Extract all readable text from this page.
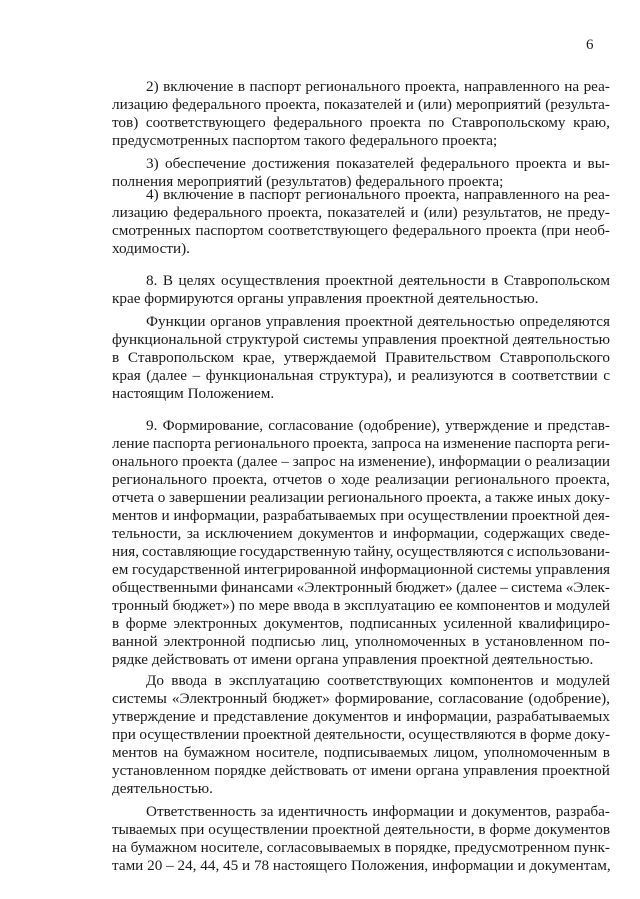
6
2) включение в паспорт регионального проекта, направленного на реа-
лизацию федерального проекта, показателей и (или) мероприятий (результа-
тов) соответствующего федерального проекта по Ставропольскому краю,
предусмотренных паспортом такого федерального проекта;
3) обеспечение достижения показателей федерального проекта и вы-
полнения мероприятий (результатов) федерального проекта;
4) включение в паспорт регионального проекта, направленного на реа-
лизацию федерального проекта, показателей и (или) результатов, не преду-
смотренных паспортом соответствующего федерального проекта (при необ-
ходимости).
8. В целях осуществления проектной деятельности в Ставропольском
крае формируются органы управления проектной деятельностью.
Функции органов управления проектной деятельностью определяются
функциональной структурой системы управления проектной деятельностью
в Ставропольском крае, утверждаемой Правительством Ставропольского
края (далее – функциональная структура), и реализуются в соответствии с
настоящим Положением.
9. Формирование, согласование (одобрение), утверждение и представ-
ление паспорта регионального проекта, запроса на изменение паспорта реги-
онального проекта (далее – запрос на изменение), информации о реализации
регионального проекта, отчетов о ходе реализации регионального проекта,
отчета о завершении реализации регионального проекта, а также иных доку-
ментов и информации, разрабатываемых при осуществлении проектной дея-
тельности, за исключением документов и информации, содержащих сведе-
ния, составляющие государственную тайну, осуществляются с использовани-
ем государственной интегрированной информационной системы управления
общественными финансами «Электронный бюджет» (далее – система «Элек-
тронный бюджет») по мере ввода в эксплуатацию ее компонентов и модулей
в форме электронных документов, подписанных усиленной квалифициро-
ванной электронной подписью лиц, уполномоченных в установленном по-
рядке действовать от имени органа управления проектной деятельностью.
До ввода в эксплуатацию соответствующих компонентов и модулей
системы «Электронный бюджет» формирование, согласование (одобрение),
утверждение и представление документов и информации, разрабатываемых
при осуществлении проектной деятельности, осуществляются в форме доку-
ментов на бумажном носителе, подписываемых лицом, уполномоченным в
установленном порядке действовать от имени органа управления проектной
деятельностью.
Ответственность за идентичность информации и документов, разраба-
тываемых при осуществлении проектной деятельности, в форме документов
на бумажном носителе, согласовываемых в порядке, предусмотренном пунк-
тами 20 – 24, 44, 45 и 78 настоящего Положения, информации и документам,
